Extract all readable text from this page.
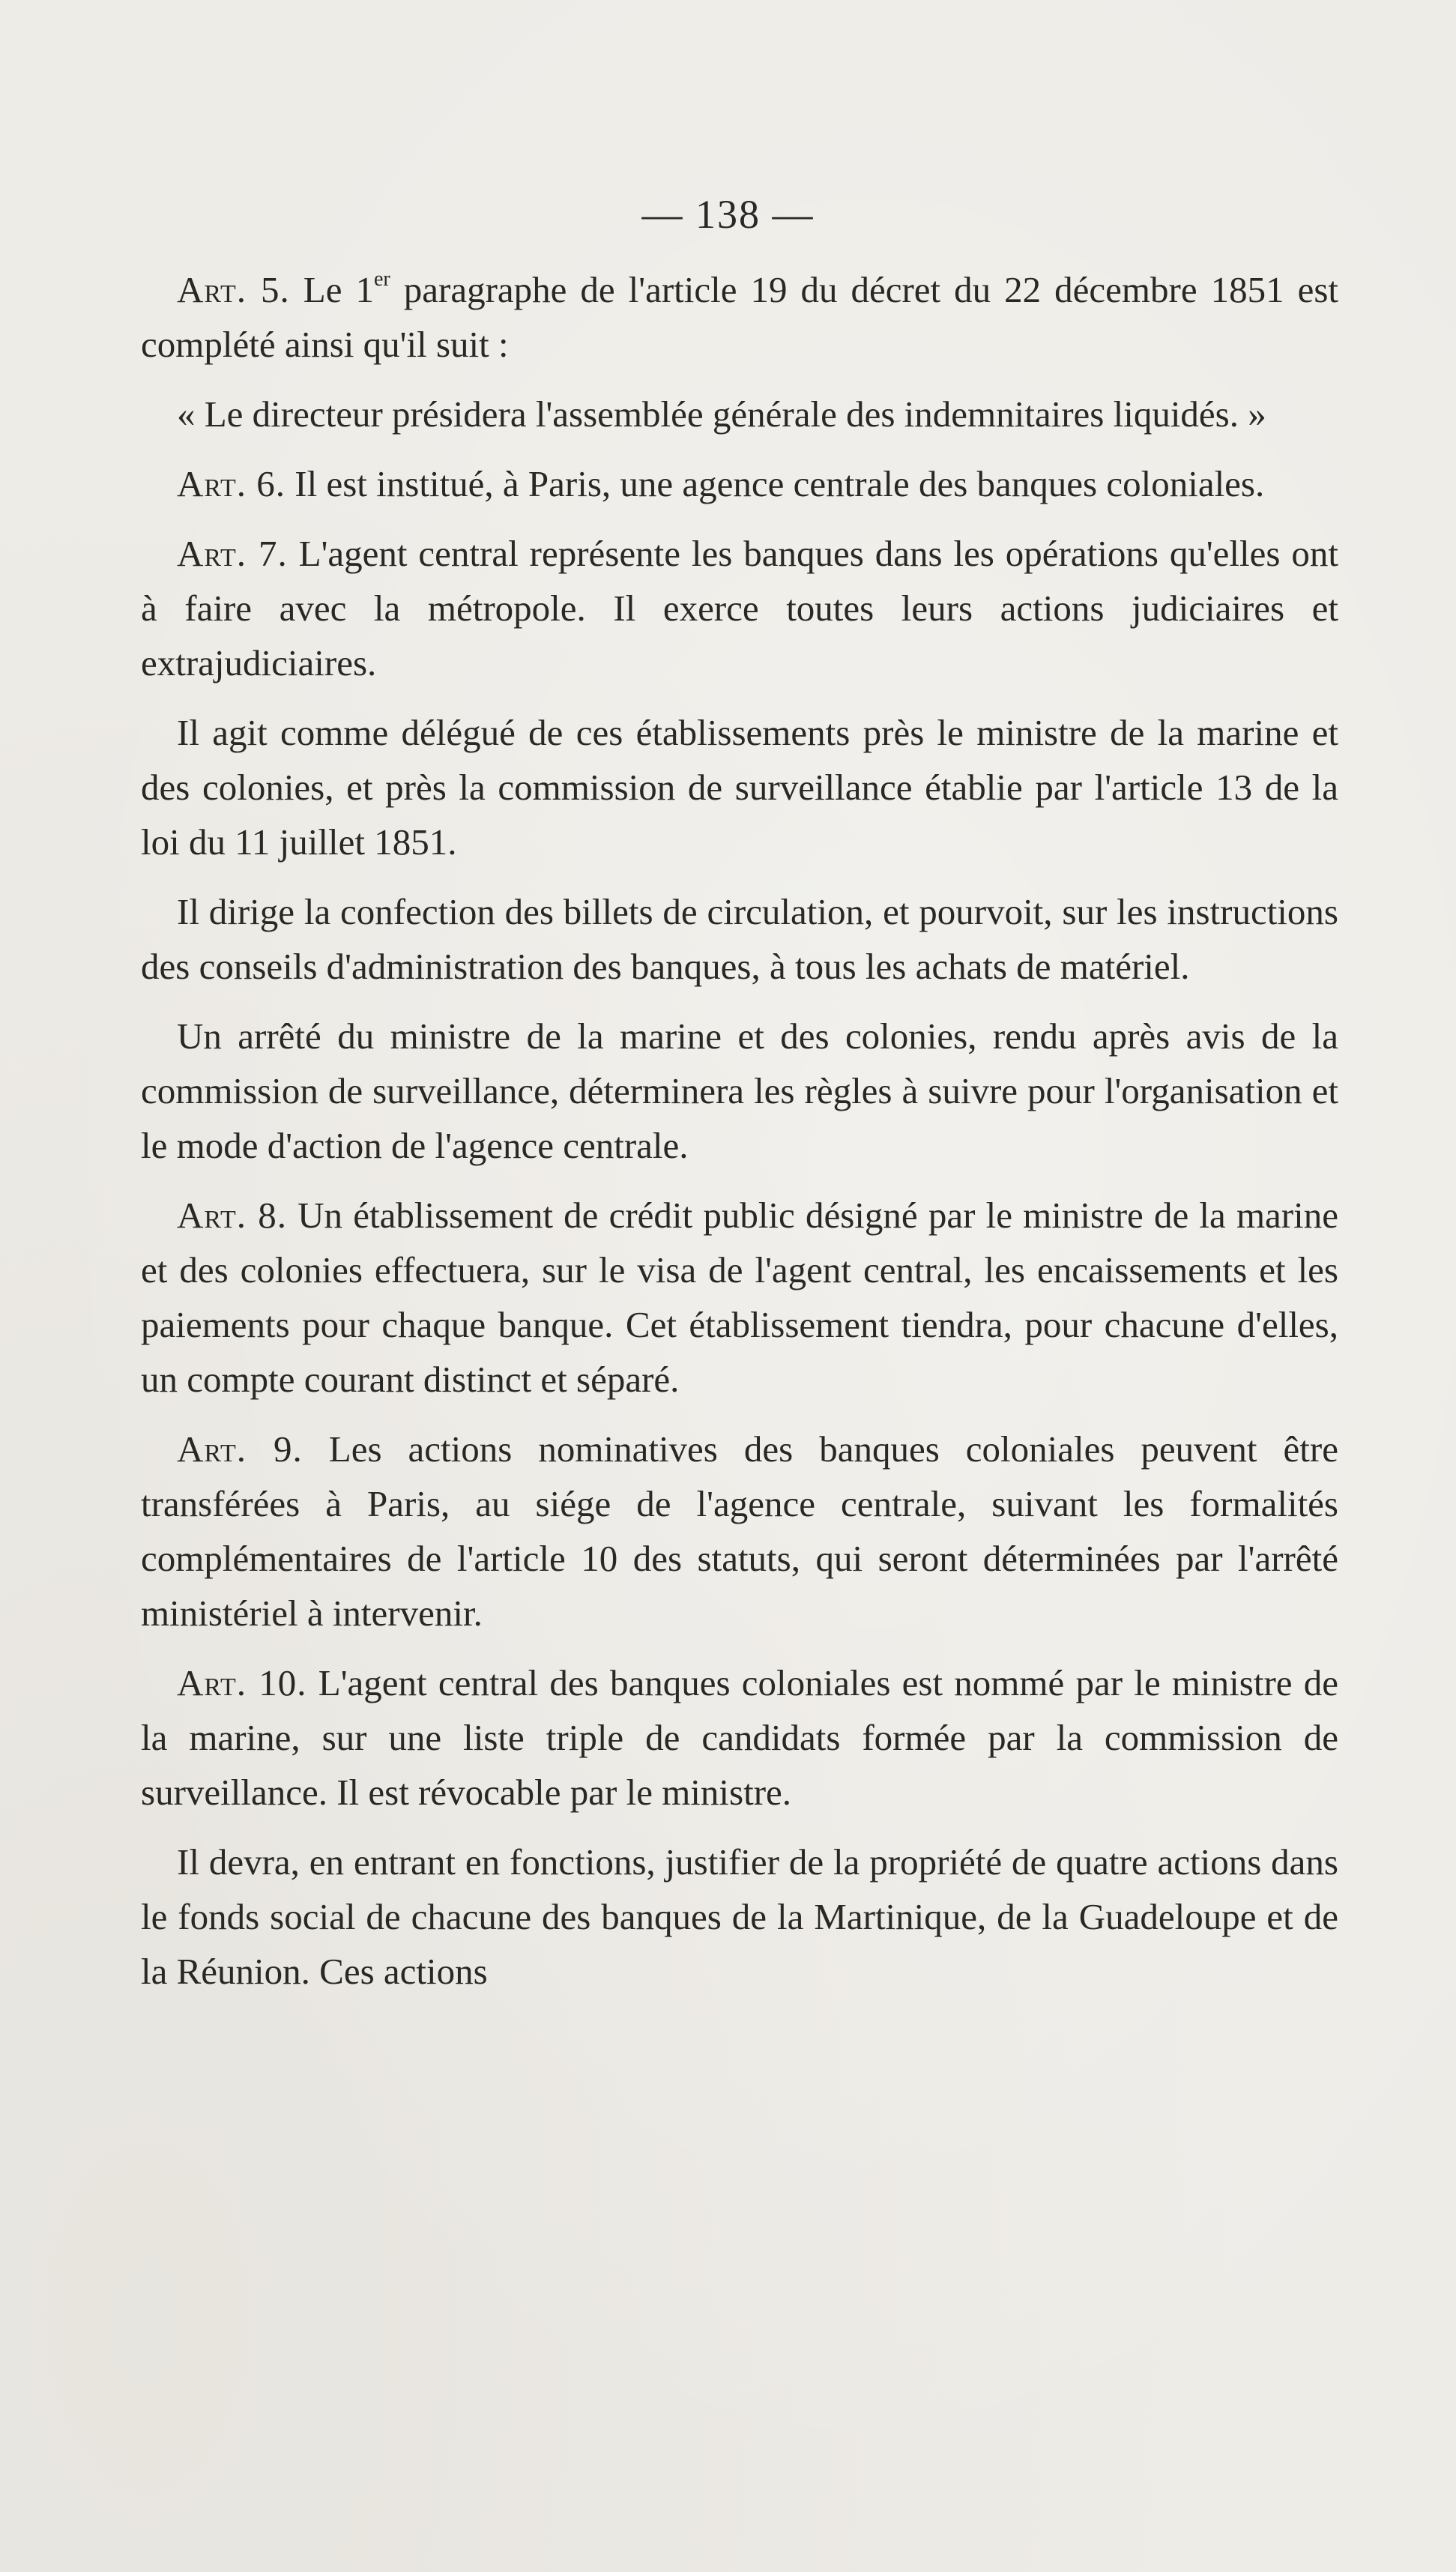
— 138 —

Art. 5. Le 1er paragraphe de l'article 19 du décret du 22 décembre 1851 est complété ainsi qu'il suit :

« Le directeur présidera l'assemblée générale des indemnitaires liquidés. »

Art. 6. Il est institué, à Paris, une agence centrale des banques coloniales.

Art. 7. L'agent central représente les banques dans les opérations qu'elles ont à faire avec la métropole. Il exerce toutes leurs actions judiciaires et extrajudiciaires.

Il agit comme délégué de ces établissements près le ministre de la marine et des colonies, et près la commission de surveillance établie par l'article 13 de la loi du 11 juillet 1851.

Il dirige la confection des billets de circulation, et pourvoit, sur les instructions des conseils d'administration des banques, à tous les achats de matériel.

Un arrêté du ministre de la marine et des colonies, rendu après avis de la commission de surveillance, déterminera les règles à suivre pour l'organisation et le mode d'action de l'agence centrale.

Art. 8. Un établissement de crédit public désigné par le ministre de la marine et des colonies effectuera, sur le visa de l'agent central, les encaissements et les paiements pour chaque banque. Cet établissement tiendra, pour chacune d'elles, un compte courant distinct et séparé.

Art. 9. Les actions nominatives des banques coloniales peuvent être transférées à Paris, au siége de l'agence centrale, suivant les formalités complémentaires de l'article 10 des statuts, qui seront déterminées par l'arrêté ministériel à intervenir.

Art. 10. L'agent central des banques coloniales est nommé par le ministre de la marine, sur une liste triple de candidats formée par la commission de surveillance. Il est révocable par le ministre.

Il devra, en entrant en fonctions, justifier de la propriété de quatre actions dans le fonds social de chacune des banques de la Martinique, de la Guadeloupe et de la Réunion. Ces actions
